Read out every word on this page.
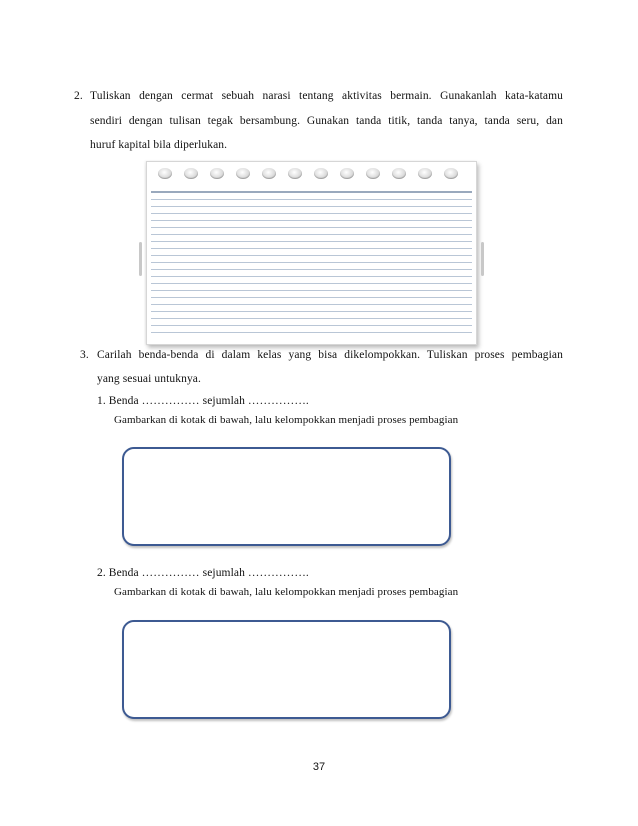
2. Tuliskan dengan cermat sebuah narasi tentang aktivitas bermain. Gunakanlah kata-katamu
sendiri dengan tulisan tegak bersambung. Gunakan tanda titik, tanda tanya, tanda seru, dan
huruf kapital bila diperlukan.
3. Carilah benda-benda di dalam kelas yang bisa dikelompokkan. Tuliskan proses pembagian
yang sesuai untuknya.
1. Benda …………… sejumlah …………….
Gambarkan di kotak di bawah, lalu kelompokkan menjadi proses pembagian
2. Benda …………… sejumlah …………….
Gambarkan di kotak di bawah, lalu kelompokkan menjadi proses pembagian
37
